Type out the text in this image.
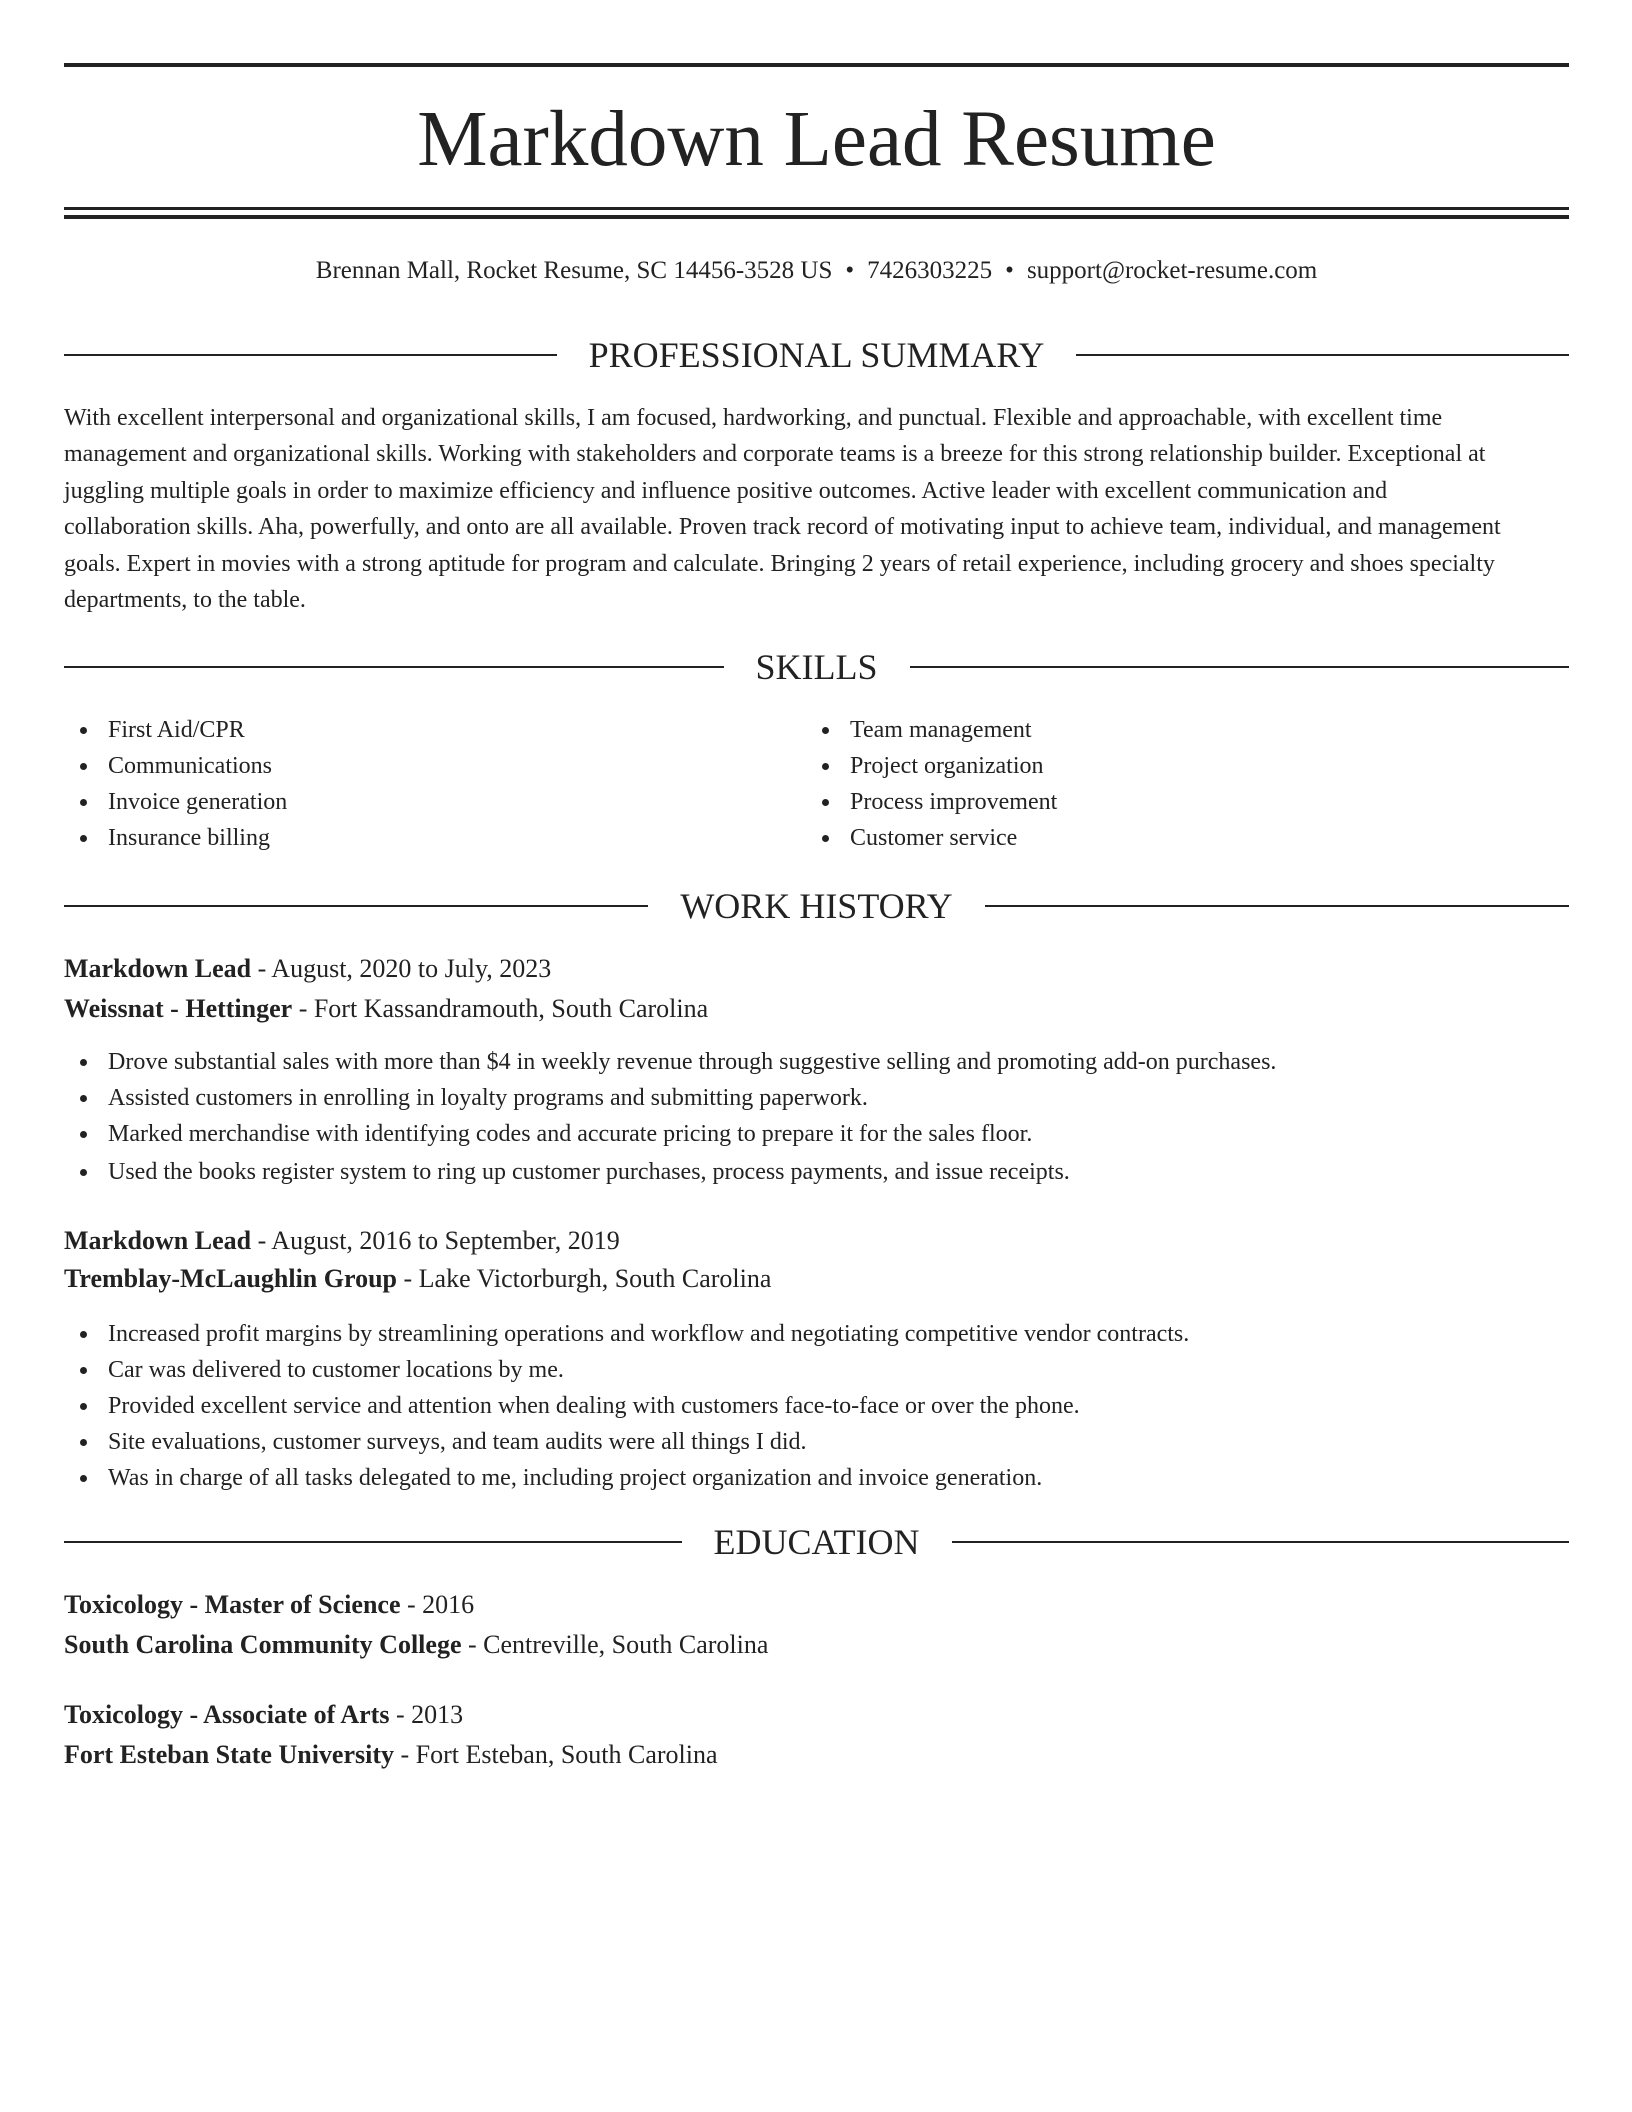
Markdown Lead Resume
Brennan Mall, Rocket Resume, SC 14456-3528 US • 7426303225 • support@rocket-resume.com
PROFESSIONAL SUMMARY

With excellent interpersonal and organizational skills, I am focused, hardworking, and punctual. Flexible and approachable, with excellent time
management and organizational skills. Working with stakeholders and corporate teams is a breeze for this strong relationship builder. Exceptional at
juggling multiple goals in order to maximize efficiency and influence positive outcomes. Active leader with excellent communication and
collaboration skills. Aha, powerfully, and onto are all available. Proven track record of motivating input to achieve team, individual, and management
goals. Expert in movies with a strong aptitude for program and calculate. Bringing 2 years of retail experience, including grocery and shoes specialty
departments, to the table.

SKILLS
First Aid/CPR
Communications
Invoice generation
Insurance billing
Team management
Project organization
Process improvement
Customer service
WORK HISTORY
Markdown Lead - August, 2020 to July, 2023
Weissnat - Hettinger - Fort Kassandramouth, South Carolina
Drove substantial sales with more than $4 in weekly revenue through suggestive selling and promoting add-on purchases.
Assisted customers in enrolling in loyalty programs and submitting paperwork.
Marked merchandise with identifying codes and accurate pricing to prepare it for the sales floor.
Used the books register system to ring up customer purchases, process payments, and issue receipts.
Markdown Lead - August, 2016 to September, 2019
Tremblay-McLaughlin Group - Lake Victorburgh, South Carolina
Increased profit margins by streamlining operations and workflow and negotiating competitive vendor contracts.
Car was delivered to customer locations by me.
Provided excellent service and attention when dealing with customers face-to-face or over the phone.
Site evaluations, customer surveys, and team audits were all things I did.
Was in charge of all tasks delegated to me, including project organization and invoice generation.
EDUCATION
Toxicology - Master of Science - 2016
South Carolina Community College - Centreville, South Carolina
Toxicology - Associate of Arts - 2013
Fort Esteban State University - Fort Esteban, South Carolina
